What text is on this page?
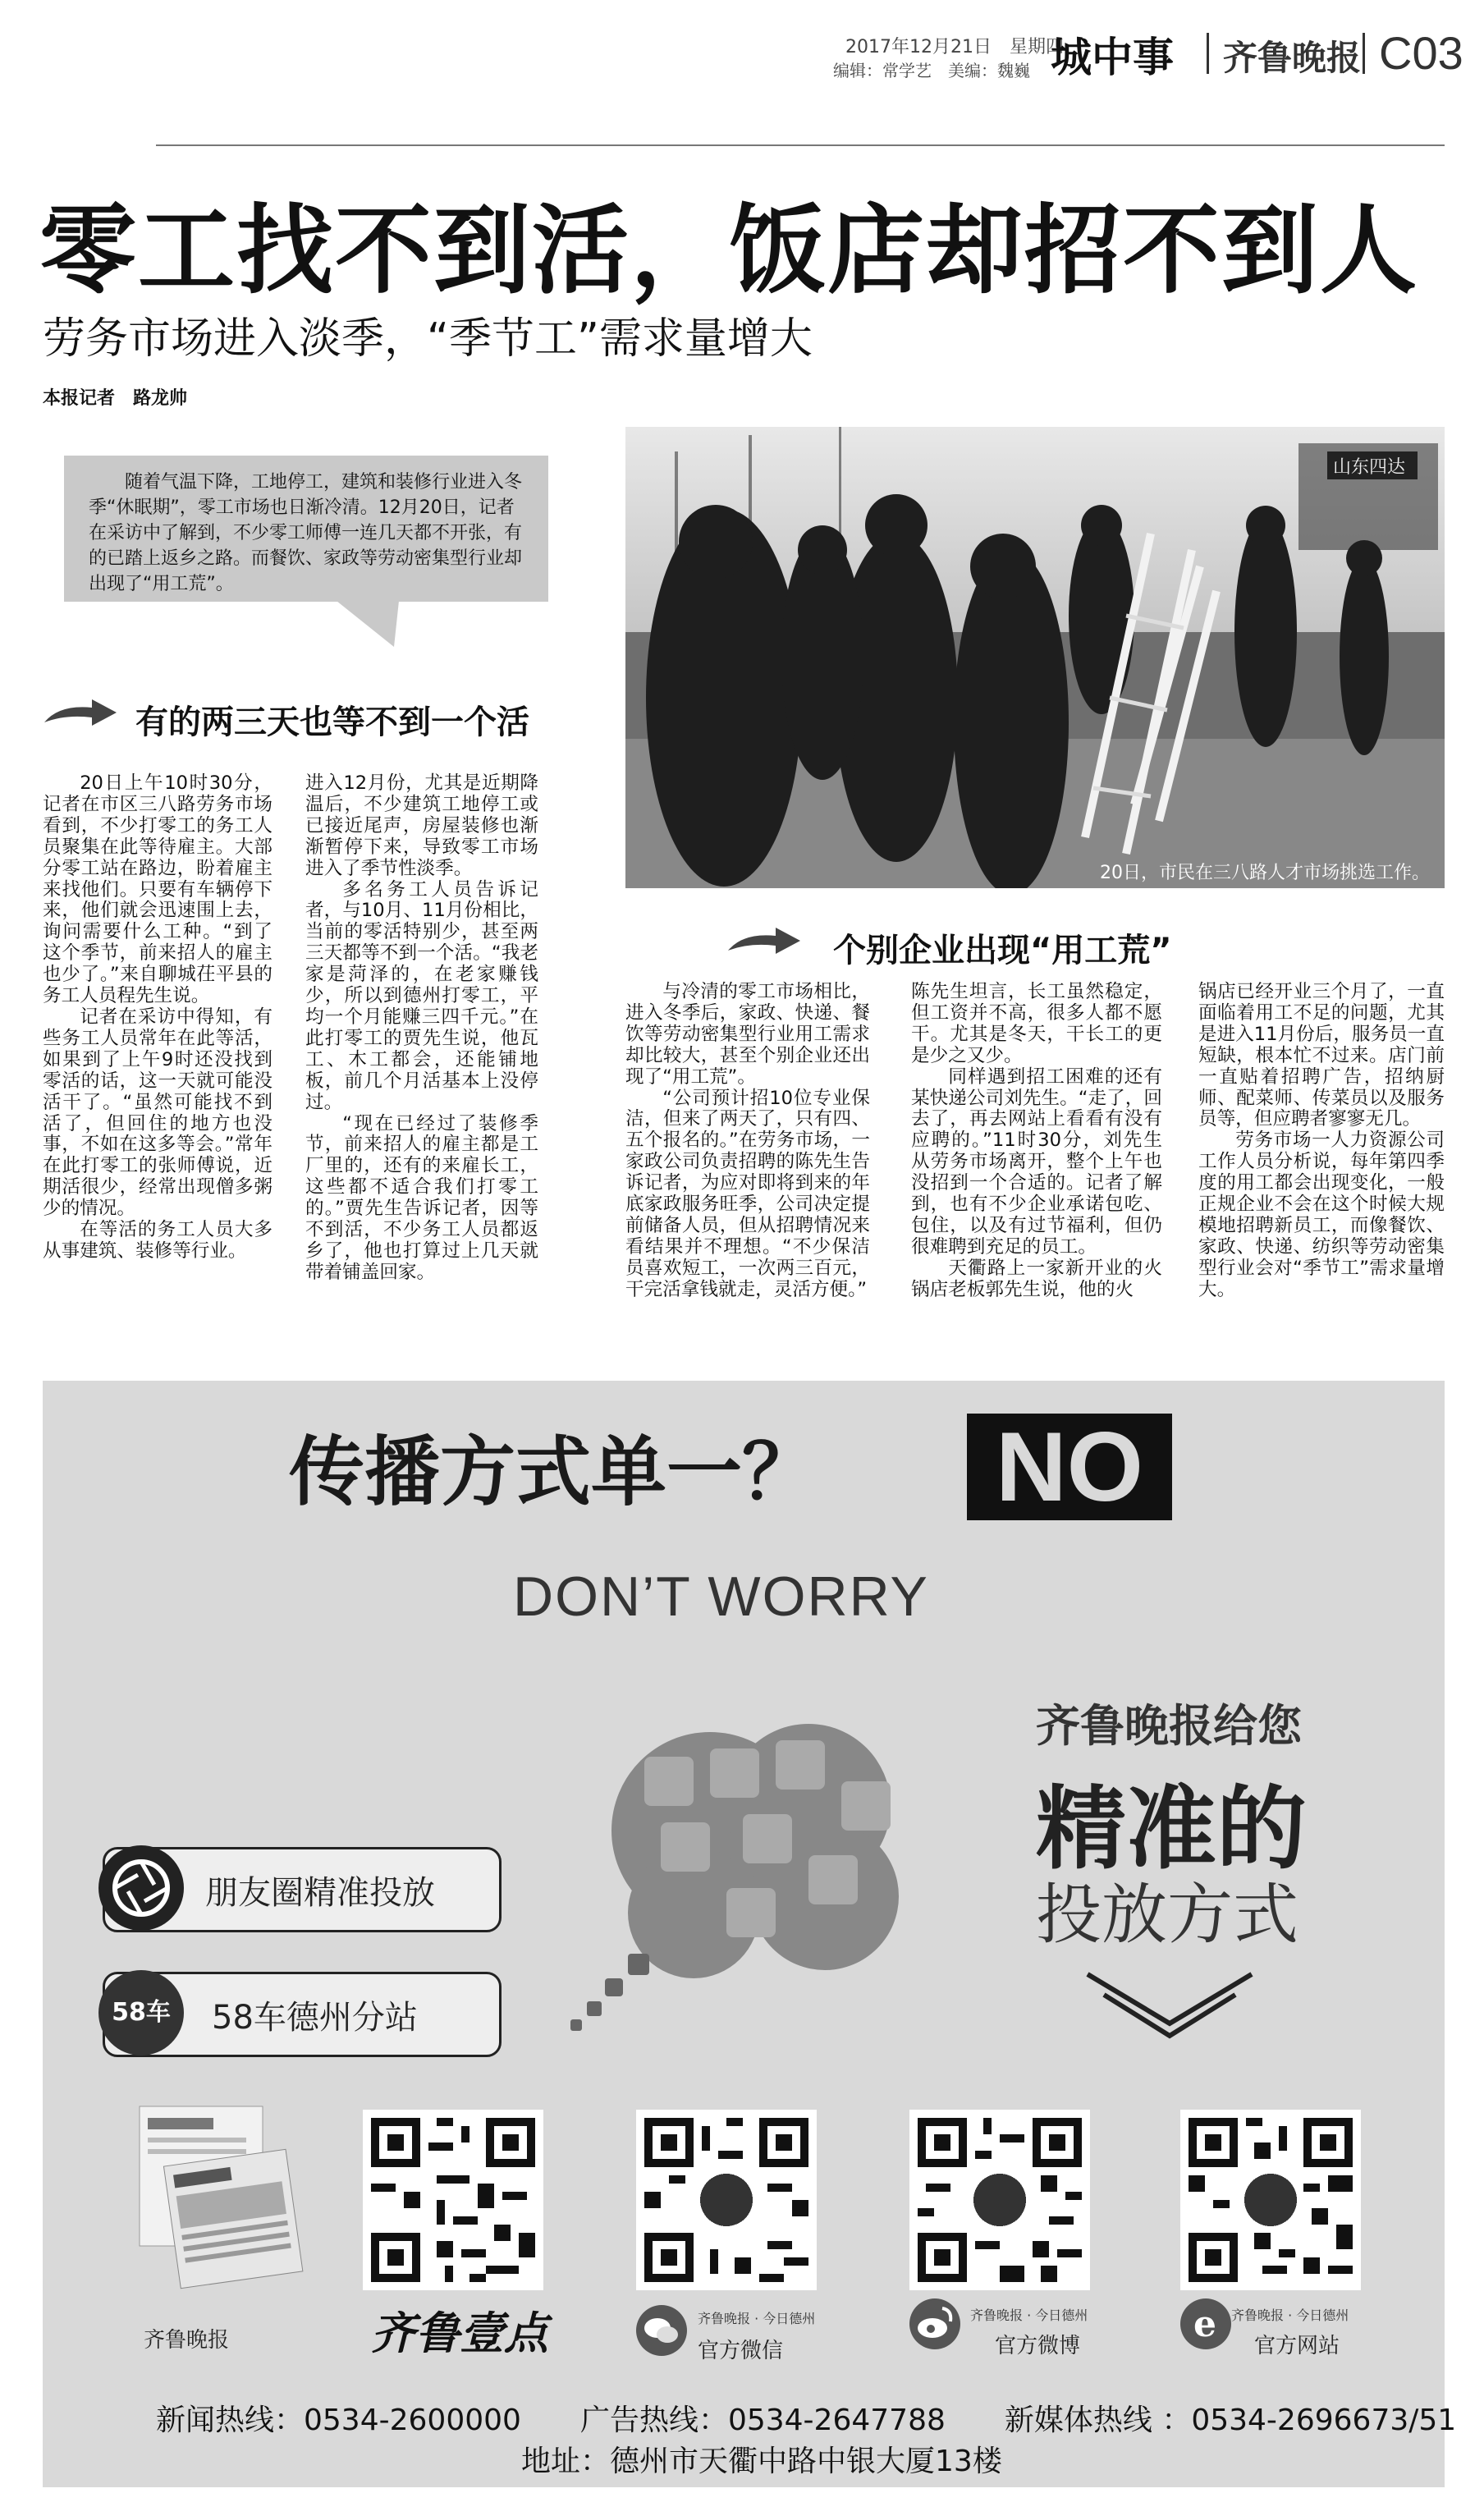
2017年12月21日　星期四
编辑：常学艺　美编：魏巍 城中事 齐鲁晚报 C03
零工找不到活，饭店却招不到人
劳务市场进入淡季，“季节工”需求量增大
本报记者　路龙帅
随着气温下降，工地停工，建筑和装修行业进入冬季“休眠期”，零工市场也日渐冷清。12月20日，记者在采访中了解到，不少零工师傅一连几天都不开张，有的已踏上返乡之路。而餐饮、家政等劳动密集型行业却出现了“用工荒”。
山东四达
20日，市民在三八路人才市场挑选工作。
有的两三天也等不到一个活
个别企业出现“用工荒”

20日上午10时30分，记者在市区三八路劳务市场看到，不少打零工的务工人员聚集在此等待雇主。大部分零工站在路边，盼着雇主来找他们。只要有车辆停下来，他们就会迅速围上去，询问需要什么工种。“到了这个季节，前来招人的雇主也少了。”来自聊城茌平县的务工人员程先生说。

记者在采访中得知，有些务工人员常年在此等活，如果到了上午9时还没找到零活的话，这一天就可能没活干了。“虽然可能找不到活了，但回住的地方也没事，不如在这多等会。”常年在此打零工的张师傅说，近期活很少，经常出现僧多粥少的情况。

在等活的务工人员大多从事建筑、装修等行业。

进入12月份，尤其是近期降温后，不少建筑工地停工或已接近尾声，房屋装修也渐渐暂停下来，导致零工市场进入了季节性淡季。

多名务工人员告诉记者，与10月、11月份相比，当前的零活特别少，甚至两三天都等不到一个活。“我老家是菏泽的，在老家赚钱少，所以到德州打零工，平均一个月能赚三四千元。”在此打零工的贾先生说，他瓦工、木工都会，还能铺地板，前几个月活基本上没停过。

“现在已经过了装修季节，前来招人的雇主都是工厂里的，还有的来雇长工，这些都不适合我们打零工的。”贾先生告诉记者，因等不到活，不少务工人员都返乡了，他也打算过上几天就带着铺盖回家。

与冷清的零工市场相比，进入冬季后，家政、快递、餐饮等劳动密集型行业用工需求却比较大，甚至个别企业还出现了“用工荒”。

“公司预计招10位专业保洁，但来了两天了，只有四、五个报名的。”在劳务市场，一家政公司负责招聘的陈先生告诉记者，为应对即将到来的年底家政服务旺季，公司决定提前储备人员，但从招聘情况来看结果并不理想。“不少保洁员喜欢短工，一次两三百元，干完活拿钱就走，灵活方便。”

陈先生坦言，长工虽然稳定，但工资并不高，很多人都不愿干。尤其是冬天，干长工的更是少之又少。

同样遇到招工困难的还有某快递公司刘先生。“走了，回去了，再去网站上看看有没有应聘的。”11时30分，刘先生从劳务市场离开，整个上午也没招到一个合适的。记者了解到，也有不少企业承诺包吃、包住，以及有过节福利，但仍很难聘到充足的员工。

天衢路上一家新开业的火锅店老板郭先生说，他的火

锅店已经开业三个月了，一直面临着用工不足的问题，尤其是进入11月份后，服务员一直短缺，根本忙不过来。店门前一直贴着招聘广告，招纳厨师、配菜师、传菜员以及服务员等，但应聘者寥寥无几。

劳务市场一人力资源公司工作人员分析说，每年第四季度的用工都会出现变化，一般正规企业不会在这个时候大规模地招聘新员工，而像餐饮、家政、快递、纺织等劳动密集型行业会对“季节工”需求量增大。

传播方式单一？ NO
DON’T WORRY
齐鲁晚报给您
精准的
投放方式
朋友圈精准投放
58车	58车德州分站
齐鲁晚报	齐鲁壹点	齐鲁晚报 · 今日德州
官方微信
齐鲁晚报 · 今日德州
官方微博
e 齐鲁晚报 · 今日德州
官方网站
新闻热线：0534-2600000　　广告热线：0534-2647788　　新媒体热线 ：0534-2696673/51
地址：德州市天衢中路中银大厦13楼
